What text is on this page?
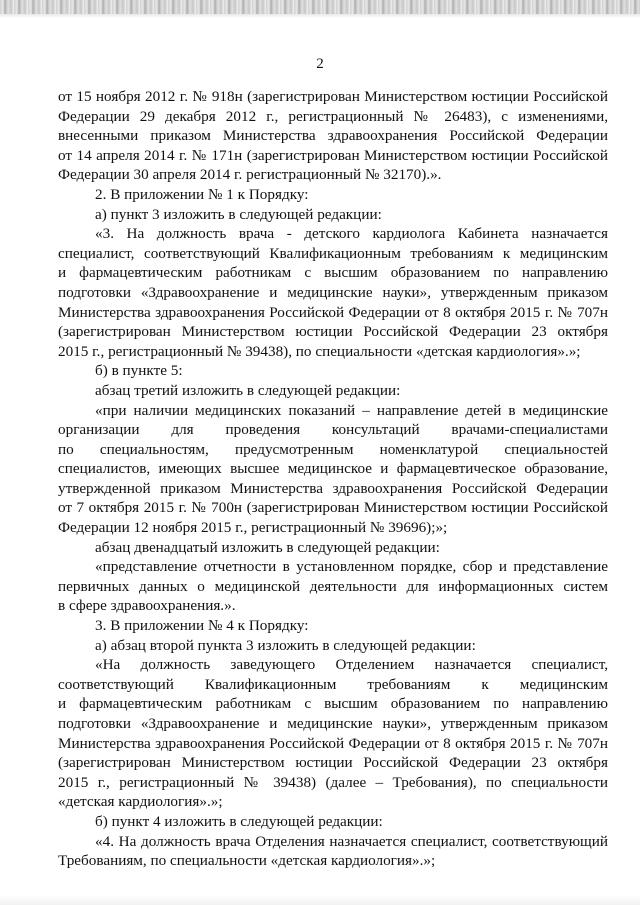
2
от 15 ноября 2012 г. № 918н (зарегистрирован Министерством юстиции Российской
Федерации 29 декабря 2012 г., регистрационный № 26483), с изменениями,
внесенными приказом Министерства здравоохранения Российской Федерации
от 14 апреля 2014 г. № 171н (зарегистрирован Министерством юстиции Российской
Федерации 30 апреля 2014 г. регистрационный № 32170).».
2. В приложении № 1 к Порядку:
а) пункт 3 изложить в следующей редакции:
«3. На должность врача - детского кардиолога Кабинета назначается
специалист, соответствующий Квалификационным требованиям к медицинским
и фармацевтическим работникам с высшим образованием по направлению
подготовки «Здравоохранение и медицинские науки», утвержденным приказом
Министерства здравоохранения Российской Федерации от 8 октября 2015 г. № 707н
(зарегистрирован Министерством юстиции Российской Федерации 23 октября
2015 г., регистрационный № 39438), по специальности «детская кардиология».»;
б) в пункте 5:
абзац третий изложить в следующей редакции:
«при наличии медицинских показаний – направление детей в медицинские
организации для проведения консультаций врачами-специалистами
по специальностям, предусмотренным номенклатурой специальностей
специалистов, имеющих высшее медицинское и фармацевтическое образование,
утвержденной приказом Министерства здравоохранения Российской Федерации
от 7 октября 2015 г. № 700н (зарегистрирован Министерством юстиции Российской
Федерации 12 ноября 2015 г., регистрационный № 39696);»;
абзац двенадцатый изложить в следующей редакции:
«представление отчетности в установленном порядке, сбор и представление
первичных данных о медицинской деятельности для информационных систем
в сфере здравоохранения.».
3. В приложении № 4 к Порядку:
а) абзац второй пункта 3 изложить в следующей редакции:
«На должность заведующего Отделением назначается специалист,
соответствующий Квалификационным требованиям к медицинским
и фармацевтическим работникам с высшим образованием по направлению
подготовки «Здравоохранение и медицинские науки», утвержденным приказом
Министерства здравоохранения Российской Федерации от 8 октября 2015 г. № 707н
(зарегистрирован Министерством юстиции Российской Федерации 23 октября
2015 г., регистрационный № 39438) (далее – Требования), по специальности
«детская кардиология».»;
б) пункт 4 изложить в следующей редакции:
«4. На должность врача Отделения назначается специалист, соответствующий
Требованиям, по специальности «детская кардиология».»;
